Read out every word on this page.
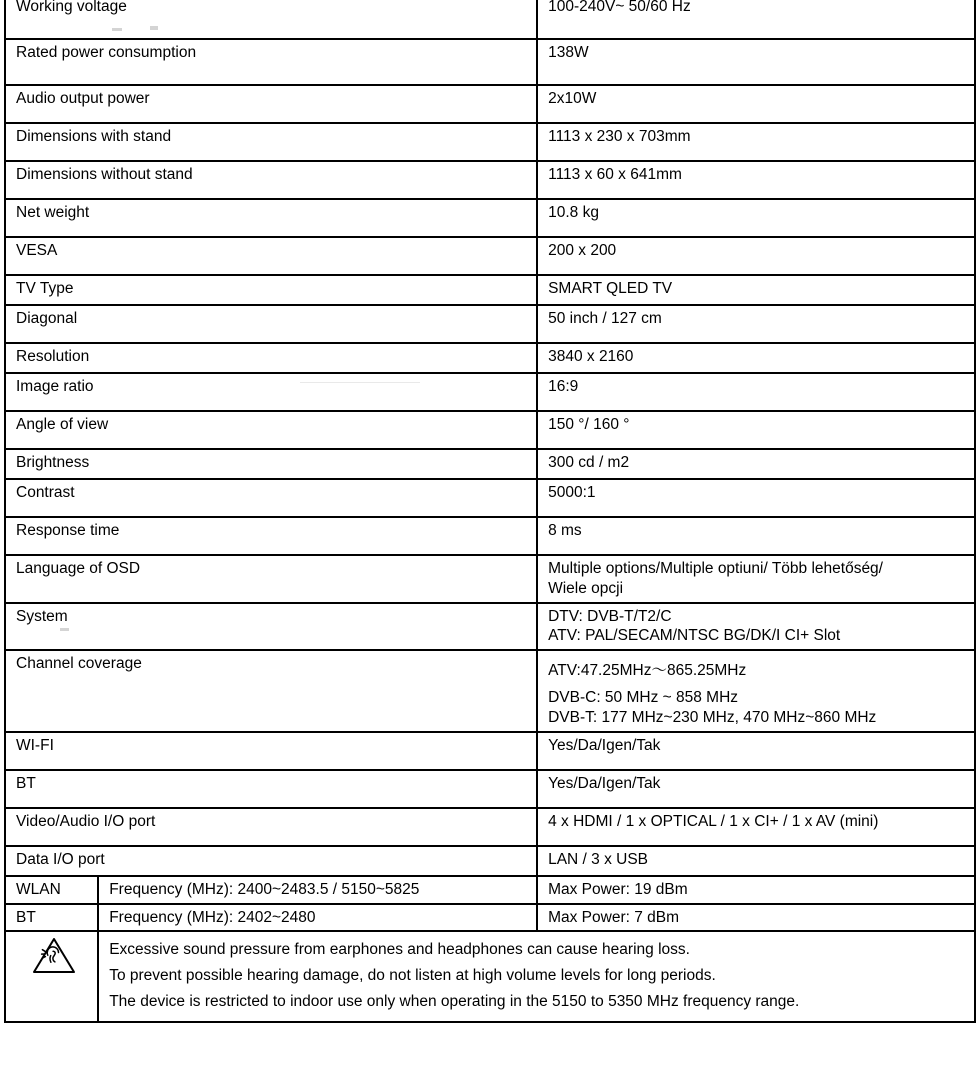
Working voltage		100-240V~ 50/60 Hz
Rated power consumption		138W
Audio output power		2x10W
Dimensions with stand		1113 x 230 x 703mm
Dimensions without stand		1113 x 60 x 641mm
Net weight		10.8 kg
VESA		200 x 200
TV Type		SMART QLED TV
Diagonal		50 inch / 127 cm
Resolution		3840 x 2160
Image ratio		16:9
Angle of view		150 °/ 160 °
Brightness		300 cd / m2
Contrast		5000:1
Response time		8 ms
Language of OSD		Multiple options/Multiple optiuni/ Több lehetőség/
Wiele opcji

System		DTV: DVB-T/T2/C
ATV: PAL/SECAM/NTSC BG/DK/I CI+ Slot

Channel coverage		ATV:47.25MHz～865.25MHz
DVB-C: 50 MHz ~ 858 MHz
DVB-T: 177 MHz~230 MHz, 470 MHz~860 MHz

WI-FI		Yes/Da/Igen/Tak
BT		Yes/Da/Igen/Tak
Video/Audio I/O port		4 x HDMI / 1 x OPTICAL / 1 x CI+ / 1 x AV (mini)
Data I/O port		LAN / 3 x USB
WLAN	Frequency (MHz): 2400~2483.5 / 5150~5825	Max Power: 19 dBm
BT	Frequency (MHz): 2402~2480	Max Power: 7 dBm

Excessive sound pressure from earphones and headphones can cause hearing loss.
To prevent possible hearing damage, do not listen at high volume levels for long periods.
The device is restricted to indoor use only when operating in the 5150 to 5350 MHz frequency range.	
